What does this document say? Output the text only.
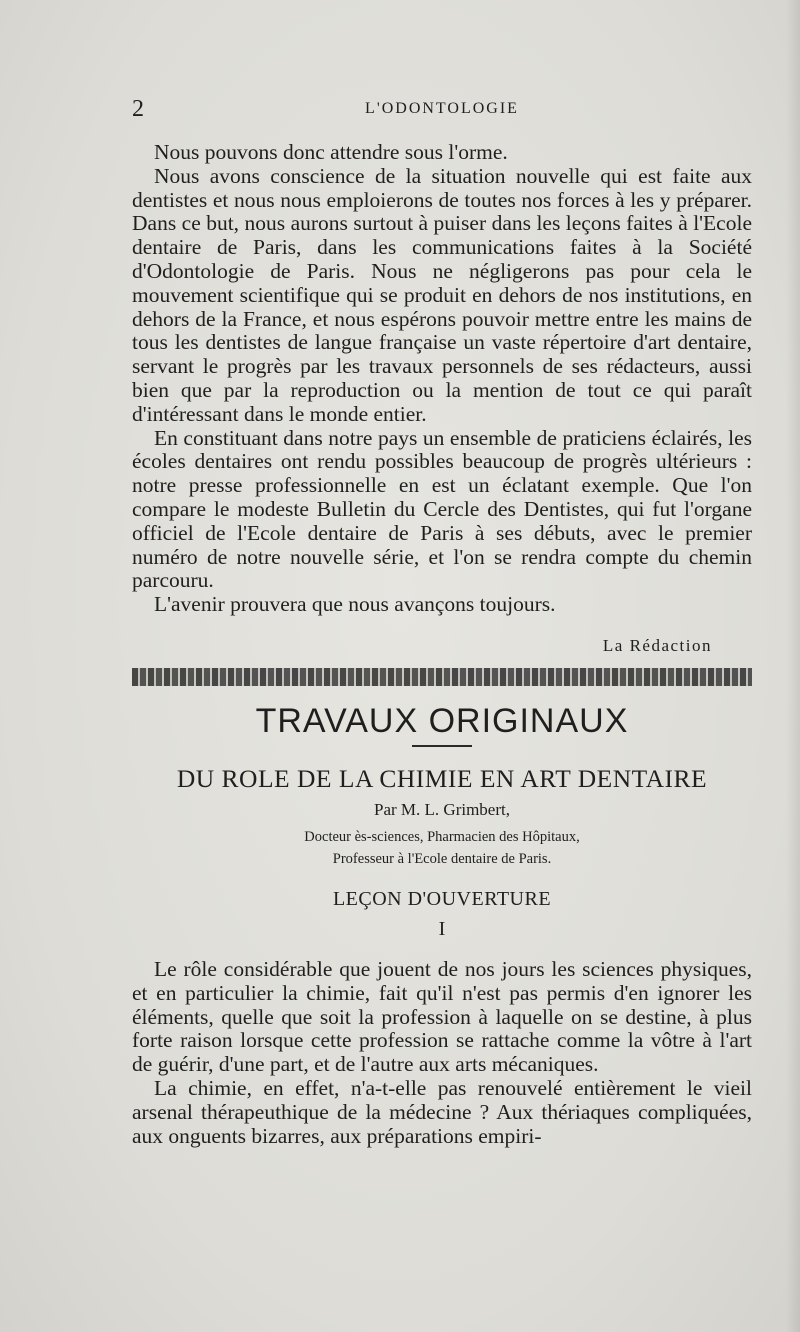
2	L'ODONTOLOGIE

Nous pouvons donc attendre sous l'orme.

Nous avons conscience de la situation nouvelle qui est faite aux dentistes et nous nous emploierons de toutes nos forces à les y préparer. Dans ce but, nous aurons surtout à puiser dans les leçons faites à l'Ecole dentaire de Paris, dans les communications faites à la Société d'Odontologie de Paris. Nous ne négligerons pas pour cela le mouvement scientifique qui se produit en dehors de nos institutions, en dehors de la France, et nous espérons pouvoir mettre entre les mains de tous les dentistes de langue française un vaste répertoire d'art dentaire, servant le progrès par les travaux personnels de ses rédacteurs, aussi bien que par la reproduction ou la mention de tout ce qui paraît d'intéressant dans le monde entier.

En constituant dans notre pays un ensemble de praticiens éclairés, les écoles dentaires ont rendu possibles beaucoup de progrès ultérieurs : notre presse professionnelle en est un éclatant exemple. Que l'on compare le modeste Bulletin du Cercle des Dentistes, qui fut l'organe officiel de l'Ecole dentaire de Paris à ses débuts, avec le premier numéro de notre nouvelle série, et l'on se rendra compte du chemin parcouru.

L'avenir prouvera que nous avançons toujours.

La Rédaction
TRAVAUX ORIGINAUX
DU ROLE DE LA CHIMIE EN ART DENTAIRE
Par M. L. Grimbert,
Docteur ès-sciences, Pharmacien des Hôpitaux,
Professeur à l'Ecole dentaire de Paris.
LEÇON D'OUVERTURE
I

Le rôle considérable que jouent de nos jours les sciences physiques, et en particulier la chimie, fait qu'il n'est pas permis d'en ignorer les éléments, quelle que soit la profession à laquelle on se destine, à plus forte raison lorsque cette profession se rattache comme la vôtre à l'art de guérir, d'une part, et de l'autre aux arts mécaniques.

La chimie, en effet, n'a-t-elle pas renouvelé entièrement le vieil arsenal thérapeuthique de la médecine ? Aux thériaques compliquées, aux onguents bizarres, aux préparations empiri-
